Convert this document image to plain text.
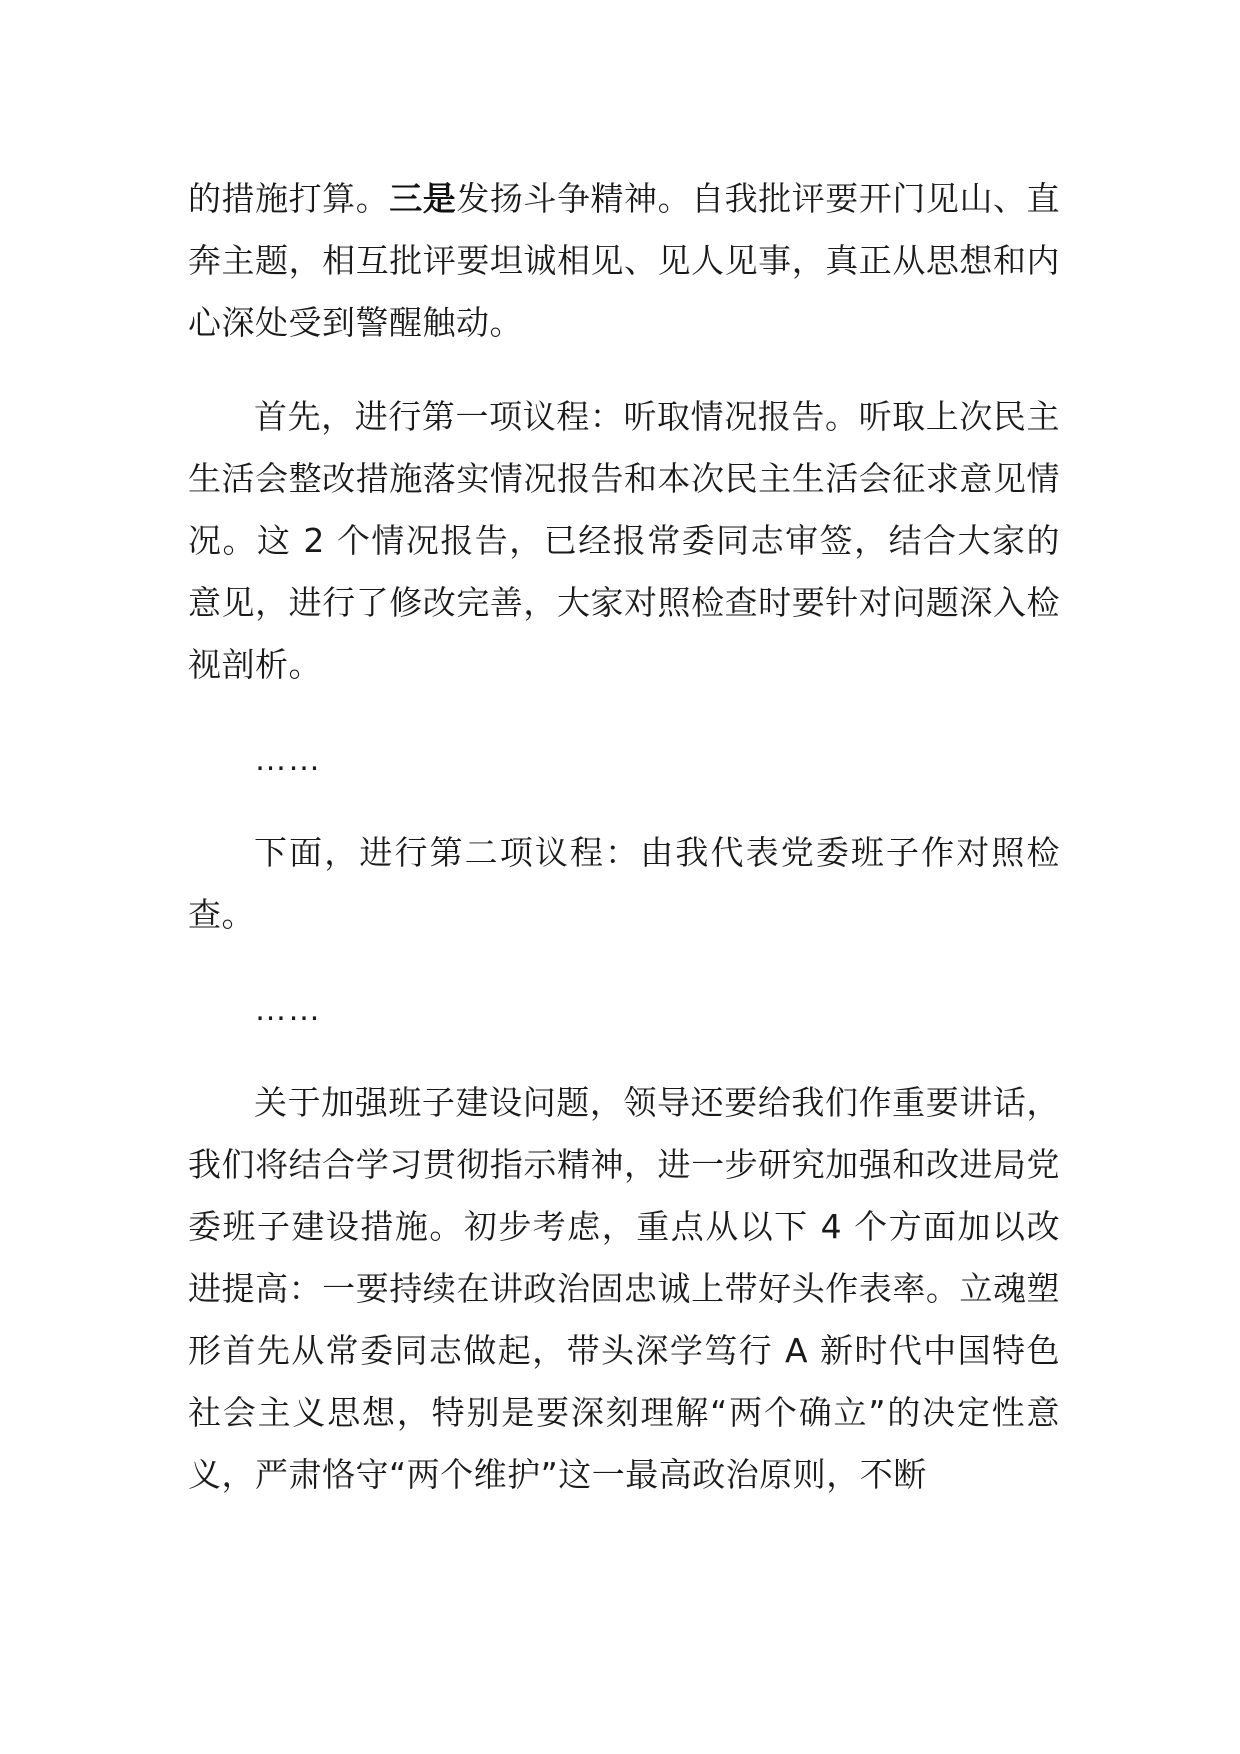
的措施打算。三是发扬斗争精神。自我批评要开门见山、直奔主题，相互批评要坦诚相见、见人见事，真正从思想和内心深处受到警醒触动。

首先，进行第一项议程：听取情况报告。听取上次民主生活会整改措施落实情况报告和本次民主生活会征求意见情况。这 2 个情况报告，已经报常委同志审签，结合大家的意见，进行了修改完善，大家对照检查时要针对问题深入检视剖析。

……

下面，进行第二项议程：由我代表党委班子作对照检查。

……

关于加强班子建设问题，领导还要给我们作重要讲话，我们将结合学习贯彻指示精神，进一步研究加强和改进局党委班子建设措施。初步考虑，重点从以下 4 个方面加以改进提高：一要持续在讲政治固忠诚上带好头作表率。立魂塑形首先从常委同志做起，带头深学笃行 A 新时代中国特色社会主义思想，特别是要深刻理解“两个确立”的决定性意义，严肃恪守“两个维护”这一最高政治原则，不断
